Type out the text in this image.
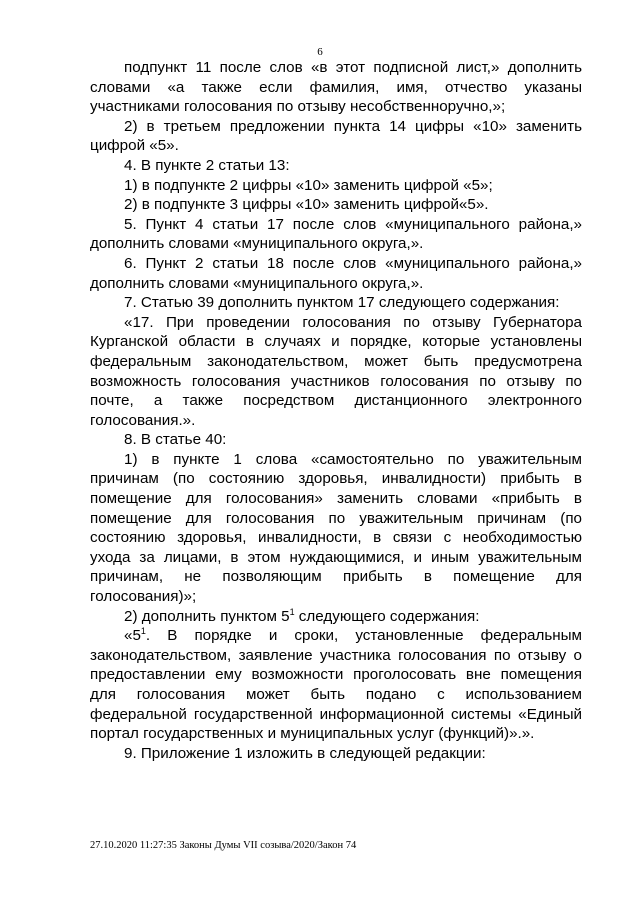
6

подпункт 11 после слов «в этот подписной лист,» дополнить словами «а также если фамилия, имя, отчество указаны участниками голосования по отзыву несобственноручно,»;

2) в третьем предложении пункта 14 цифры «10» заменить цифрой «5».

4. В пункте 2 статьи 13:

1) в подпункте 2 цифры «10» заменить цифрой «5»;

2) в подпункте 3 цифры «10» заменить цифрой«5».

5. Пункт 4 статьи 17 после слов «муниципального района,» дополнить словами «муниципального округа,».

6. Пункт 2 статьи 18 после слов «муниципального района,» дополнить словами «муниципального округа,».

7. Статью 39 дополнить пунктом 17 следующего содержания:

«17. При проведении голосования по отзыву Губернатора Курганской области в случаях и порядке, которые установлены федеральным законодательством, может быть предусмотрена возможность голосования участников голосования по отзыву по почте, а также посредством дистанционного электронного голосования.».

8. В статье 40:

1) в пункте 1 слова «самостоятельно по уважительным причинам (по состоянию здоровья, инвалидности) прибыть в помещение для голосования» заменить словами «прибыть в помещение для голосования по уважительным причинам (по состоянию здоровья, инвалидности, в связи с необходимостью ухода за лицами, в этом нуждающимися, и иным уважительным причинам, не позволяющим прибыть в помещение для голосования)»;

2) дополнить пунктом $5^1$ следующего содержания:

«$5^1$. В порядке и сроки, установленные федеральным законодательством, заявление участника голосования по отзыву о предоставлении ему возможности проголосовать вне помещения для голосования может быть подано с использованием федеральной государственной информационной системы «Единый портал государственных и муниципальных услуг (функций)».».

9. Приложение 1 изложить в следующей редакции:

27.10.2020 11:27:35 Законы Думы VII созыва/2020/Закон 74
